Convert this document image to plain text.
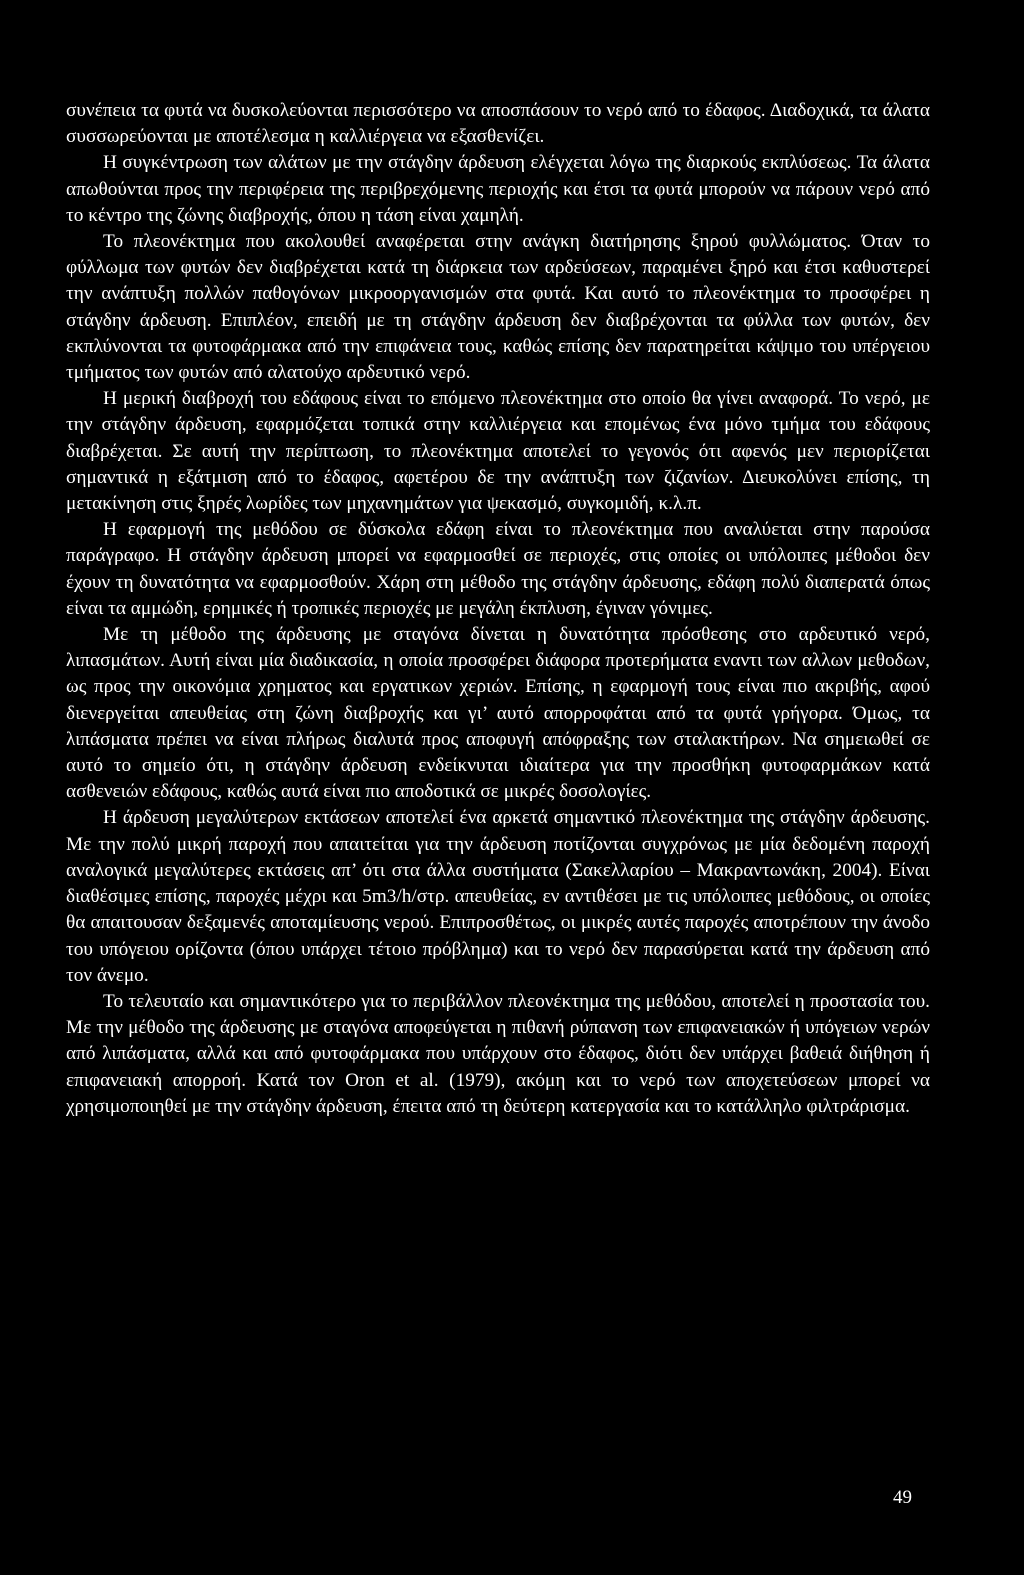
συνέπεια τα φυτά να δυσκολεύονται περισσότερο να αποσπάσουν το νερό από το έδαφος. Διαδοχικά, τα άλατα συσσωρεύονται με αποτέλεσμα η καλλιέργεια να εξασθενίζει.

Η συγκέντρωση των αλάτων με την στάγδην άρδευση ελέγχεται λόγω της διαρκούς εκπλύσεως. Τα άλατα απωθούνται προς την περιφέρεια της περιβρεχόμενης περιοχής και έτσι τα φυτά μπορούν να πάρουν νερό από το κέντρο της ζώνης διαβροχής, όπου η τάση είναι χαμηλή.

Το πλεονέκτημα που ακολουθεί αναφέρεται στην ανάγκη διατήρησης ξηρού φυλλώματος. Όταν το φύλλωμα των φυτών δεν διαβρέχεται κατά τη διάρκεια των αρδεύσεων, παραμένει ξηρό και έτσι καθυστερεί την ανάπτυξη πολλών παθογόνων μικροοργανισμών στα φυτά. Και αυτό το πλεονέκτημα το προσφέρει η στάγδην άρδευση. Επιπλέον, επειδή με τη στάγδην άρδευση δεν διαβρέχονται τα φύλλα των φυτών, δεν εκπλύνονται τα φυτοφάρμακα από την επιφάνεια τους, καθώς επίσης δεν παρατηρείται κάψιμο του υπέργειου τμήματος των φυτών από αλατούχο αρδευτικό νερό.

Η μερική διαβροχή του εδάφους είναι το επόμενο πλεονέκτημα στο οποίο θα γίνει αναφορά. Το νερό, με την στάγδην άρδευση, εφαρμόζεται τοπικά στην καλλιέργεια και επομένως ένα μόνο τμήμα του εδάφους διαβρέχεται. Σε αυτή την περίπτωση, το πλεονέκτημα αποτελεί το γεγονός ότι αφενός μεν περιορίζεται σημαντικά η εξάτμιση από το έδαφος, αφετέρου δε την ανάπτυξη των ζιζανίων. Διευκολύνει επίσης, τη μετακίνηση στις ξηρές λωρίδες των μηχανημάτων για ψεκασμό, συγκομιδή, κ.λ.π.

Η εφαρμογή της μεθόδου σε δύσκολα εδάφη είναι το πλεονέκτημα που αναλύεται στην παρούσα παράγραφο. Η στάγδην άρδευση μπορεί να εφαρμοσθεί σε περιοχές, στις οποίες οι υπόλοιπες μέθοδοι δεν έχουν τη δυνατότητα να εφαρμοσθούν. Χάρη στη μέθοδο της στάγδην άρδευσης, εδάφη πολύ διαπερατά όπως είναι τα αμμώδη, ερημικές ή τροπικές περιοχές με μεγάλη έκπλυση, έγιναν γόνιμες.

Με τη μέθοδο της άρδευσης με σταγόνα δίνεται η δυνατότητα πρόσθεσης στο αρδευτικό νερό, λιπασμάτων. Αυτή είναι μία διαδικασία, η οποία προσφέρει διάφορα προτερήματα εναντι των αλλων μεθοδων, ως προς την οικονόμια χρηματος και εργατικων χεριών. Επίσης, η εφαρμογή τους είναι πιο ακριβής, αφού διενεργείται απευθείας στη ζώνη διαβροχής και γι’ αυτό απορροφάται από τα φυτά γρήγορα. Όμως, τα λιπάσματα πρέπει να είναι πλήρως διαλυτά προς αποφυγή απόφραξης των σταλακτήρων. Να σημειωθεί σε αυτό το σημείο ότι, η στάγδην άρδευση ενδείκνυται ιδιαίτερα για την προσθήκη φυτοφαρμάκων κατά ασθενειών εδάφους, καθώς αυτά είναι πιο αποδοτικά σε μικρές δοσολογίες.

Η άρδευση μεγαλύτερων εκτάσεων αποτελεί ένα αρκετά σημαντικό πλεονέκτημα της στάγδην άρδευσης. Με την πολύ μικρή παροχή που απαιτείται για την άρδευση ποτίζονται συγχρόνως με μία δεδομένη παροχή αναλογικά μεγαλύτερες εκτάσεις απ’ ότι στα άλλα συστήματα (Σακελλαρίου – Μακραντωνάκη, 2004). Είναι διαθέσιμες επίσης, παροχές μέχρι και 5m3/h/στρ. απευθείας, εν αντιθέσει με τις υπόλοιπες μεθόδους, οι οποίες θα απαιτουσαν δεξαμενές αποταμίευσης νερού. Επιπροσθέτως, οι μικρές αυτές παροχές αποτρέπουν την άνοδο του υπόγειου ορίζοντα (όπου υπάρχει τέτοιο πρόβλημα) και το νερό δεν παρασύρεται κατά την άρδευση από τον άνεμο.

Το τελευταίο και σημαντικότερο για το περιβάλλον πλεονέκτημα της μεθόδου, αποτελεί η προστασία του. Με την μέθοδο της άρδευσης με σταγόνα αποφεύγεται η πιθανή ρύπανση των επιφανειακών ή υπόγειων νερών από λιπάσματα, αλλά και από φυτοφάρμακα που υπάρχουν στο έδαφος, διότι δεν υπάρχει βαθειά διήθηση ή επιφανειακή απορροή. Κατά τον Oron et al. (1979), ακόμη και το νερό των αποχετεύσεων μπορεί να χρησιμοποιηθεί με την στάγδην άρδευση, έπειτα από τη δεύτερη κατεργασία και το κατάλληλο φιλτράρισμα.

49
